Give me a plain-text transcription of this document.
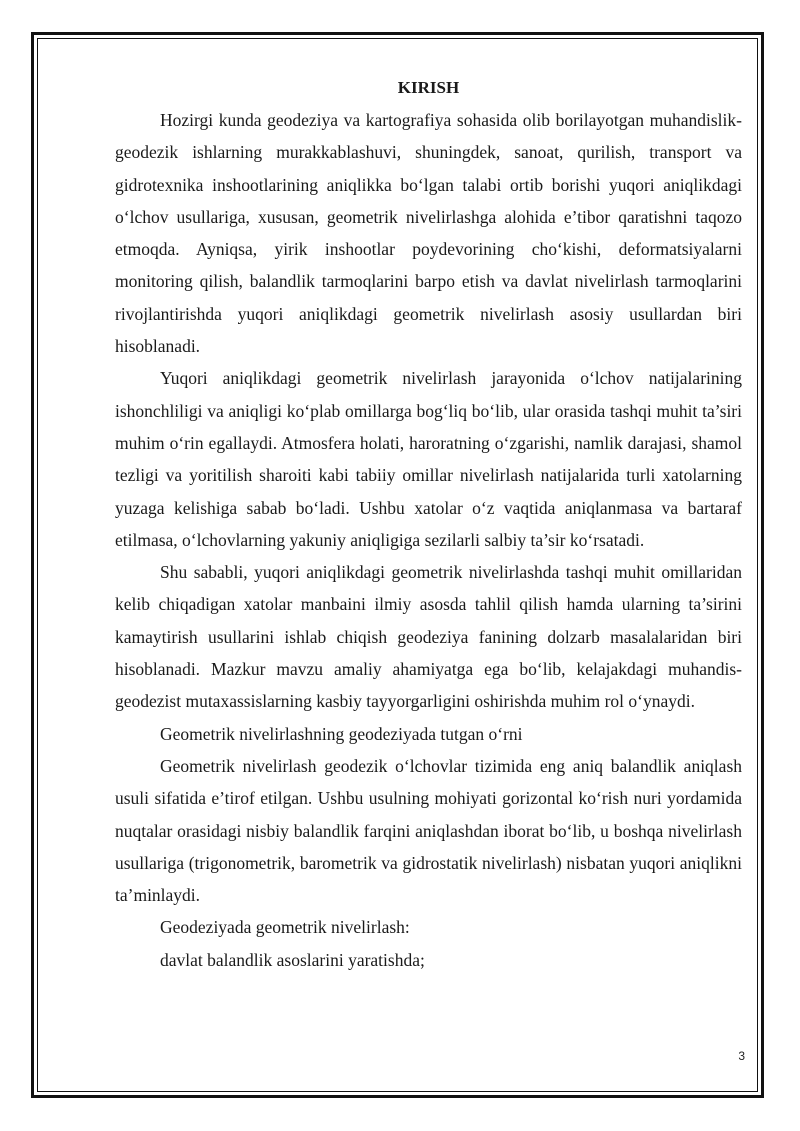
KIRISH

Hozirgi kunda geodeziya va kartografiya sohasida olib borilayotgan muhandislik-geodezik ishlarning murakkablashuvi, shuningdek, sanoat, qurilish, transport va gidrotexnika inshootlarining aniqlikka bo‘lgan talabi ortib borishi yuqori aniqlikdagi o‘lchov usullariga, xususan, geometrik nivelirlashga alohida e’tibor qaratishni taqozo etmoqda. Ayniqsa, yirik inshootlar poydevorining cho‘kishi, deformatsiyalarni monitoring qilish, balandlik tarmoqlarini barpo etish va davlat nivelirlash tarmoqlarini rivojlantirishda yuqori aniqlikdagi geometrik nivelirlash asosiy usullardan biri hisoblanadi.

Yuqori aniqlikdagi geometrik nivelirlash jarayonida o‘lchov natijalarining ishonchliligi va aniqligi ko‘plab omillarga bog‘liq bo‘lib, ular orasida tashqi muhit ta’siri muhim o‘rin egallaydi. Atmosfera holati, haroratning o‘zgarishi, namlik darajasi, shamol tezligi va yoritilish sharoiti kabi tabiiy omillar nivelirlash natijalarida turli xatolarning yuzaga kelishiga sabab bo‘ladi. Ushbu xatolar o‘z vaqtida aniqlanmasa va bartaraf etilmasa, o‘lchovlarning yakuniy aniqligiga sezilarli salbiy ta’sir ko‘rsatadi.

Shu sababli, yuqori aniqlikdagi geometrik nivelirlashda tashqi muhit omillaridan kelib chiqadigan xatolar manbaini ilmiy asosda tahlil qilish hamda ularning ta’sirini kamaytirish usullarini ishlab chiqish geodeziya fanining dolzarb masalalaridan biri hisoblanadi. Mazkur mavzu amaliy ahamiyatga ega bo‘lib, kelajakdagi muhandis-geodezist mutaxassislarning kasbiy tayyorgarligini oshirishda muhim rol o‘ynaydi.

Geometrik nivelirlashning geodeziyada tutgan o‘rni

Geometrik nivelirlash geodezik o‘lchovlar tizimida eng aniq balandlik aniqlash usuli sifatida e’tirof etilgan. Ushbu usulning mohiyati gorizontal ko‘rish nuri yordamida nuqtalar orasidagi nisbiy balandlik farqini aniqlashdan iborat bo‘lib, u boshqa nivelirlash usullariga (trigonometrik, barometrik va gidrostatik nivelirlash) nisbatan yuqori aniqlikni ta’minlaydi.

Geodeziyada geometrik nivelirlash:

davlat balandlik asoslarini yaratishda;

3
